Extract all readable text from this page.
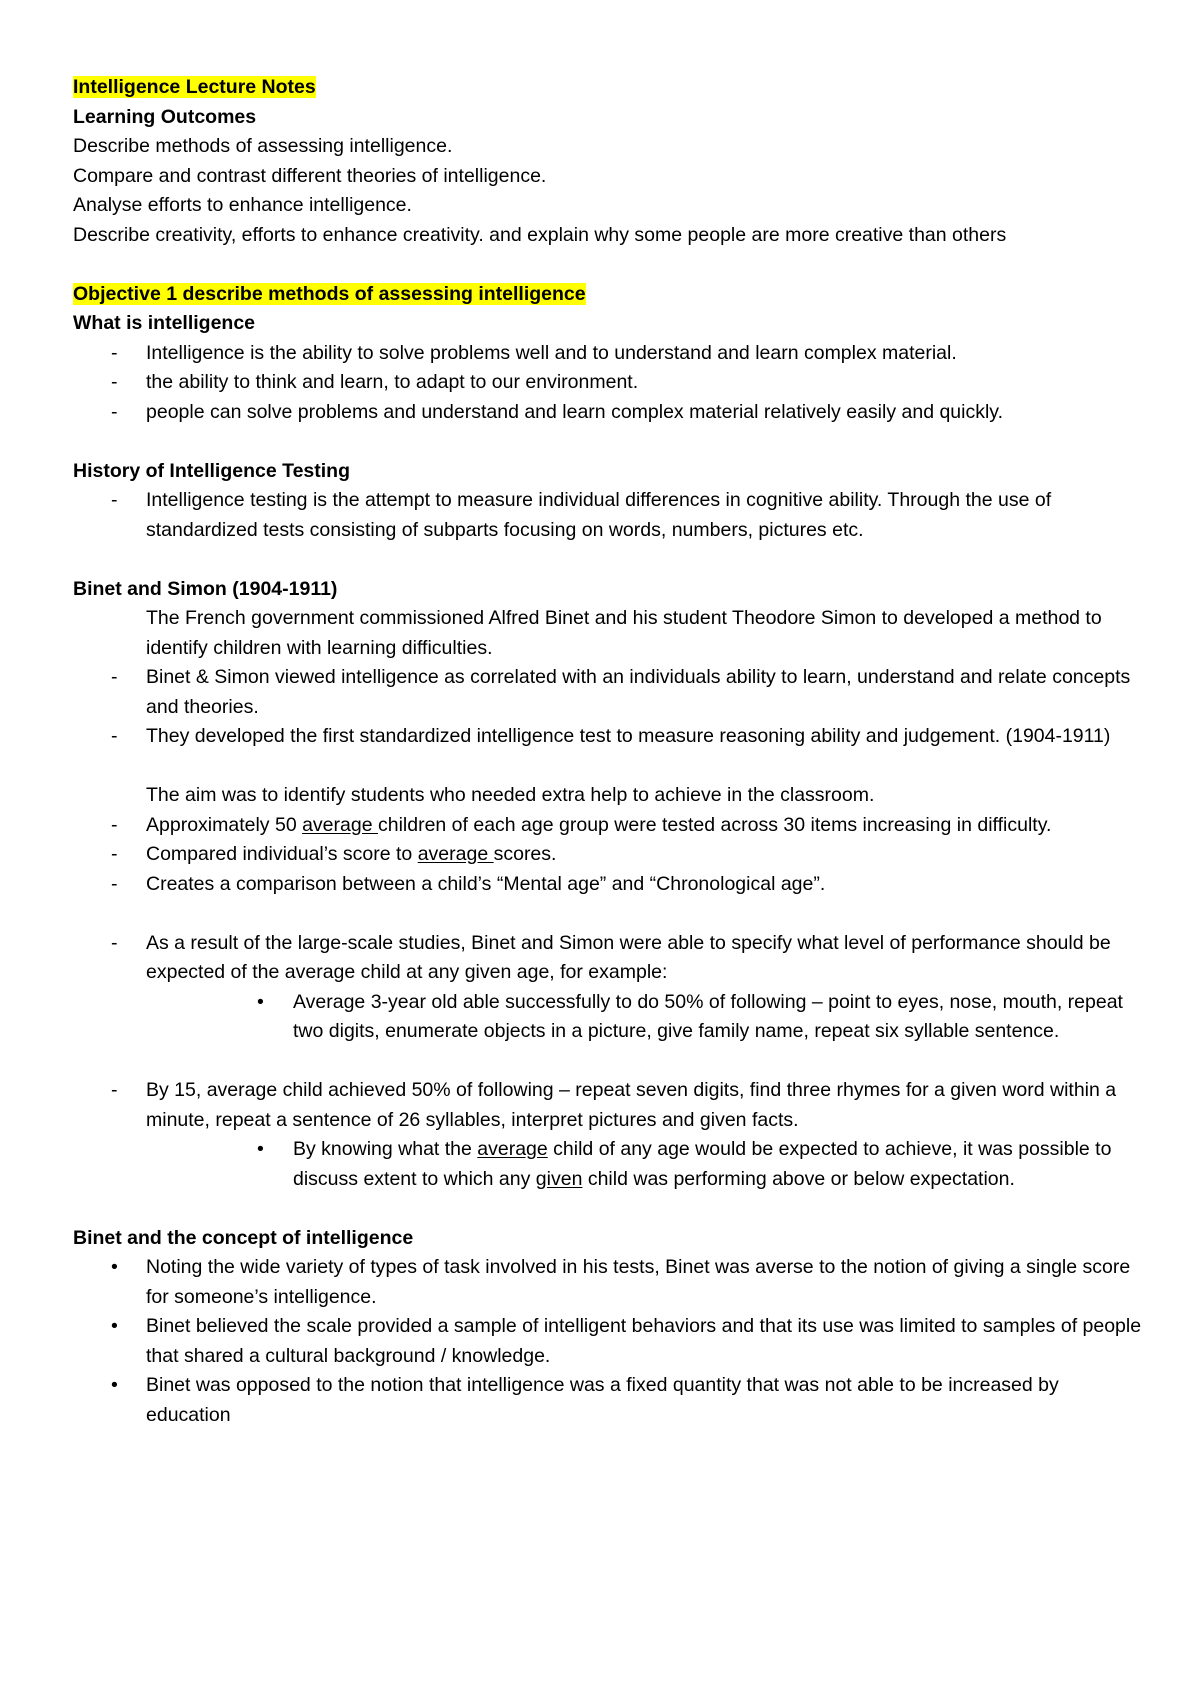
Intelligence Lecture Notes
Learning Outcomes
Describe methods of assessing intelligence.
Compare and contrast different theories of intelligence.
Analyse efforts to enhance intelligence.
Describe creativity, efforts to enhance creativity. and explain why some people are more creative than others
Objective 1 describe methods of assessing intelligence
What is intelligence
- Intelligence is the ability to solve problems well and to understand and learn complex material.
- the ability to think and learn, to adapt to our environment.
- people can solve problems and understand and learn complex material relatively easily and quickly.
History of Intelligence Testing
- Intelligence testing is the attempt to measure individual differences in cognitive ability. Through the use of standardized tests consisting of subparts focusing on words, numbers, pictures etc.
Binet and Simon (1904-1911)
The French government commissioned Alfred Binet and his student Theodore Simon to developed a method to identify children with learning difficulties.
- Binet & Simon viewed intelligence as correlated with an individuals ability to learn, understand and relate concepts and theories.
- They developed the first standardized intelligence test to measure reasoning ability and judgement. (1904-1911)
The aim was to identify students who needed extra help to achieve in the classroom.
- Approximately 50 average children of each age group were tested across 30 items increasing in difficulty.
- Compared individual’s score to average scores.
- Creates a comparison between a child’s “Mental age” and “Chronological age”.
- As a result of the large-scale studies, Binet and Simon were able to specify what level of performance should be expected of the average child at any given age, for example:
• Average 3-year old able successfully to do 50% of following – point to eyes, nose, mouth, repeat two digits, enumerate objects in a picture, give family name, repeat six syllable sentence.
- By 15, average child achieved 50% of following – repeat seven digits, find three rhymes for a given word within a minute, repeat a sentence of 26 syllables, interpret pictures and given facts.
• By knowing what the average child of any age would be expected to achieve, it was possible to discuss extent to which any given child was performing above or below expectation.
Binet and the concept of intelligence
• Noting the wide variety of types of task involved in his tests, Binet was averse to the notion of giving a single score for someone’s intelligence.
• Binet believed the scale provided a sample of intelligent behaviors and that its use was limited to samples of people that shared a cultural background / knowledge.
• Binet was opposed to the notion that intelligence was a fixed quantity that was not able to be increased by education
